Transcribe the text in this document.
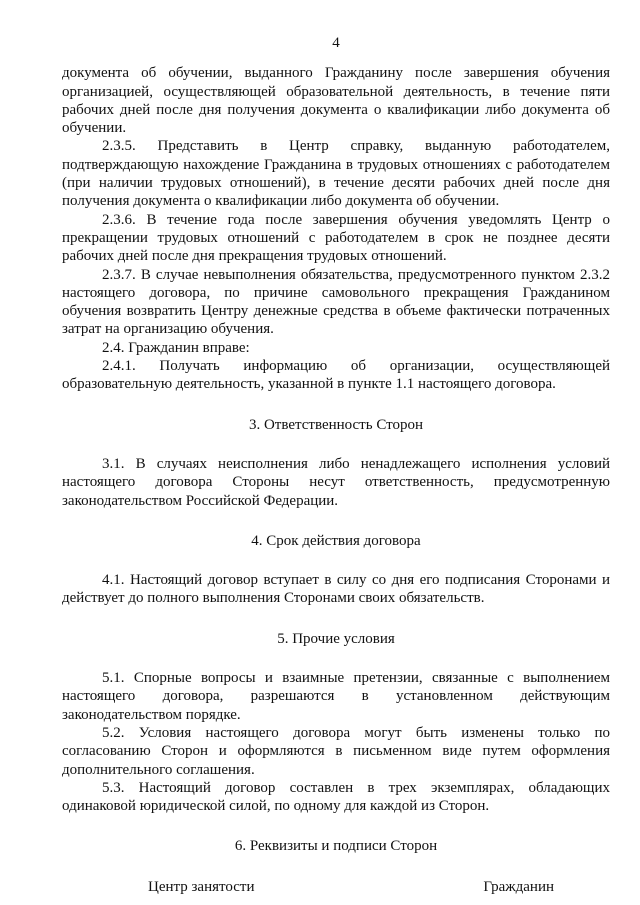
4

документа об обучении, выданного Гражданину после завершения обучения организацией, осуществляющей образовательной деятельность, в течение пяти рабочих дней после дня получения документа о квалификации либо документа об обучении.

2.3.5. Представить в Центр справку, выданную работодателем, подтверждающую нахождение Гражданина в трудовых отношениях с работодателем (при наличии трудовых отношений), в течение десяти рабочих дней после дня получения документа о квалификации либо документа об обучении.

2.3.6. В течение года после завершения обучения уведомлять Центр о прекращении трудовых отношений с работодателем в срок не позднее десяти рабочих дней после дня прекращения трудовых отношений.

2.3.7. В случае невыполнения обязательства, предусмотренного пунктом 2.3.2 настоящего договора, по причине самовольного прекращения Гражданином обучения возвратить Центру денежные средства в объеме фактически потраченных затрат на организацию обучения.

2.4. Гражданин вправе:

2.4.1. Получать информацию об организации, осуществляющей образовательную деятельность, указанной в пункте 1.1 настоящего договора.

3. Ответственность Сторон

3.1. В случаях неисполнения либо ненадлежащего исполнения условий настоящего договора Стороны несут ответственность, предусмотренную законодательством Российской Федерации.

4. Срок действия договора

4.1. Настоящий договор вступает в силу со дня его подписания Сторонами и действует до полного выполнения Сторонами своих обязательств.

5. Прочие условия

5.1. Спорные вопросы и взаимные претензии, связанные с выполнением настоящего договора, разрешаются в установленном действующим законодательством порядке.

5.2. Условия настоящего договора могут быть изменены только по согласованию Сторон и оформляются в письменном виде путем оформления дополнительного соглашения.

5.3. Настоящий договор составлен в трех экземплярах, обладающих одинаковой юридической силой, по одному для каждой из Сторон.

6. Реквизиты и подписи Сторон
Центр занятости	Гражданин
